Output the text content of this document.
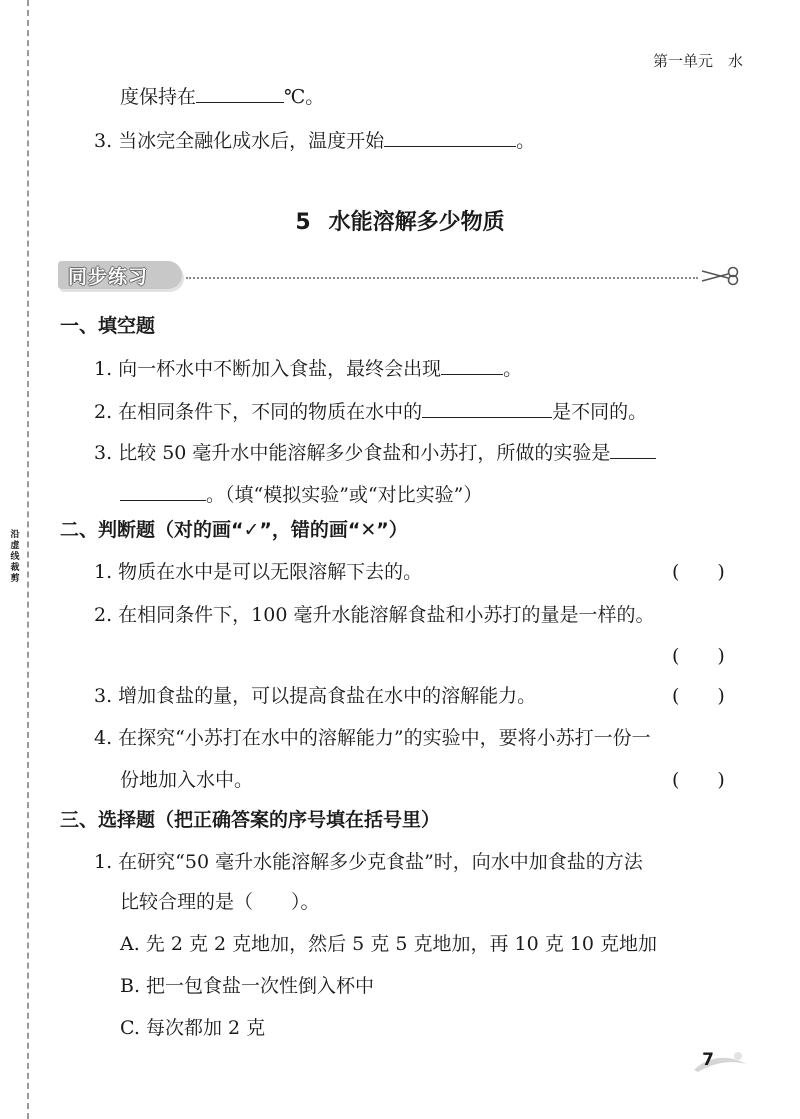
沿虚线裁剪
第一单元　水
度保持在	℃。
3. 当冰完全融化成水后，温度开始	。
5 水能溶解多少物质
同步练习
一、填空题
1. 向一杯水中不断加入食盐，最终会出现	。
2. 在相同条件下，不同的物质在水中的	是不同的。
3. 比较 50 毫升水中能溶解多少食盐和小苏打，所做的实验是
。（填“模拟实验”或“对比实验”）
二、判断题（对的画“✓”，错的画“✕”）
1. 物质在水中是可以无限溶解下去的。	(　　)
2. 在相同条件下，100 毫升水能溶解食盐和小苏打的量是一样的。
(　　)
3. 增加食盐的量，可以提高食盐在水中的溶解能力。	(　　)
4. 在探究“小苏打在水中的溶解能力”的实验中，要将小苏打一份一
份地加入水中。	(　　)
三、选择题（把正确答案的序号填在括号里）
1. 在研究“50 毫升水能溶解多少克食盐”时，向水中加食盐的方法
比较合理的是（　　）。
A. 先 2 克 2 克地加，然后 5 克 5 克地加，再 10 克 10 克地加
B. 把一包食盐一次性倒入杯中
C. 每次都加 2 克
7
